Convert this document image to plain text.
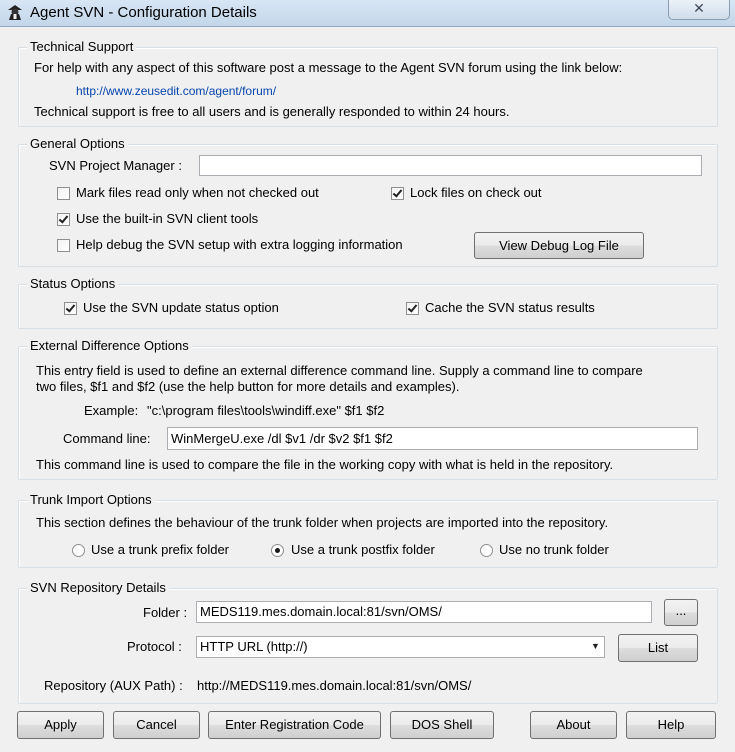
Agent SVN - Configuration Details	✕
Technical Support
For help with any aspect of this software post a message to the Agent SVN forum using the link below:
http://www.zeusedit.com/agent/forum/
Technical support is free to all users and is generally responded to within 24 hours.
General Options
SVN Project Manager :
Mark files read only when not checked out	Lock files on check out
Use the built-in SVN client tools
Help debug the SVN setup with extra logging information	View Debug Log File
Status Options
Use the SVN update status option	Cache the SVN status results
External Difference Options
This entry field is used to define an external difference command line. Supply a command line to compare
two files, $f1 and $f2 (use the help button for more details and examples).
Example: "c:\program files\tools\windiff.exe" $f1 $f2
Command line:	WinMergeU.exe /dl $v1 /dr $v2 $f1 $f2
This command line is used to compare the file in the working copy with what is held in the repository.
Trunk Import Options
This section defines the behaviour of the trunk folder when projects are imported into the repository.
Use a trunk prefix folder	Use a trunk postfix folder	Use no trunk folder
SVN Repository Details
Folder : MEDS119.mes.domain.local:81/svn/OMS/	...
Protocol :	HTTP URL (http://)	▼	List
Repository (AUX Path) : http://MEDS119.mes.domain.local:81/svn/OMS/
Apply	Cancel	Enter Registration Code	DOS Shell	About	Help
